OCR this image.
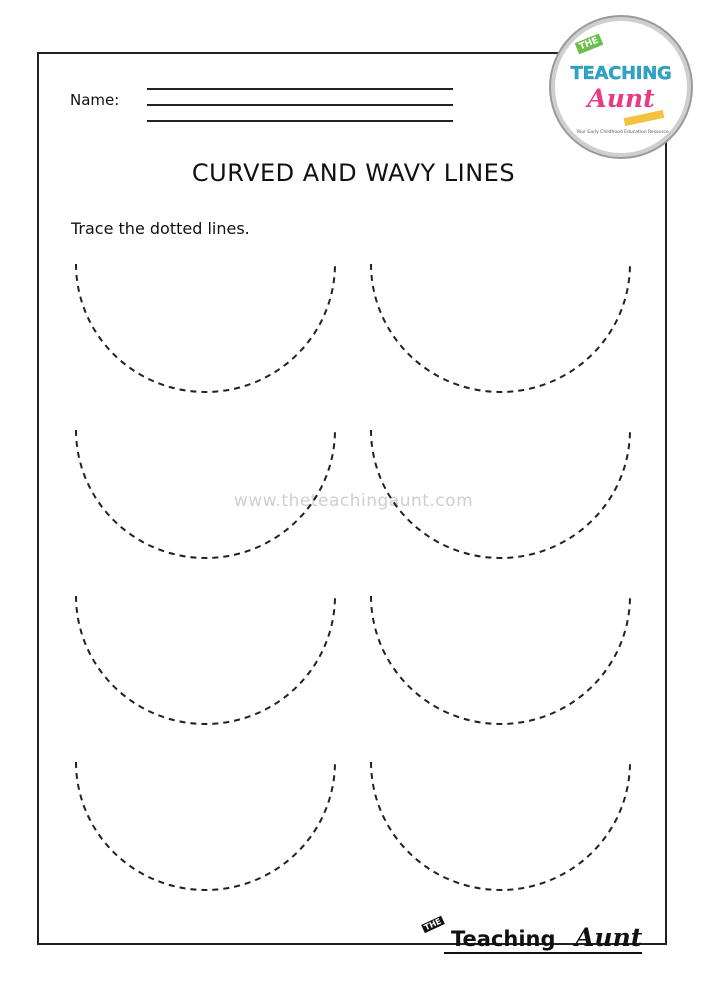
Name:
CURVED AND WAVY LINES
Trace the dotted lines.
www.theteachingaunt.com
THE
TEACHING
Aunt
Your Early Childhood Education Resource
THE
Teaching Aunt
